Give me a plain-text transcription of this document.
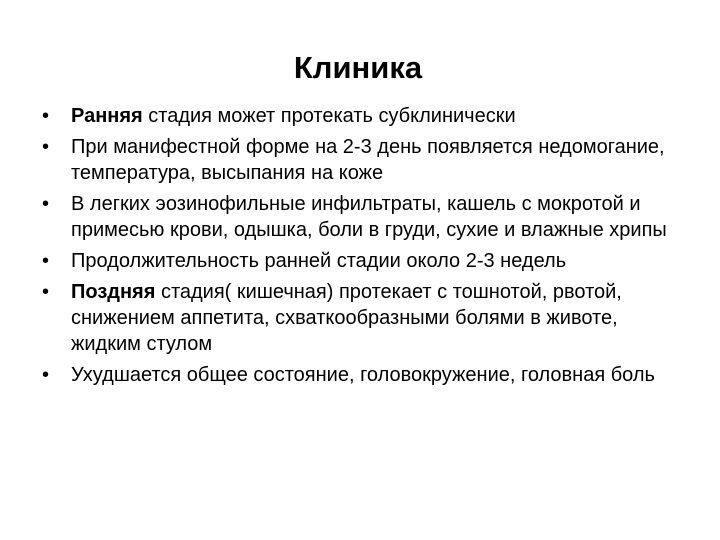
Клиника
•	Ранняя стадия может протекать субклинически
•	При манифестной форме на 2-3 день появляется недомогание, температура, высыпания на коже
•	В легких эозинофильные инфильтраты, кашель с мокротой и примесью крови, одышка, боли в груди, сухие и влажные хрипы
•	Продолжительность ранней стадии около 2-3 недель
•	Поздняя стадия( кишечная) протекает с тошнотой, рвотой, снижением аппетита, схваткообразными болями в животе, жидким стулом
•	Ухудшается общее состояние, головокружение, головная боль
